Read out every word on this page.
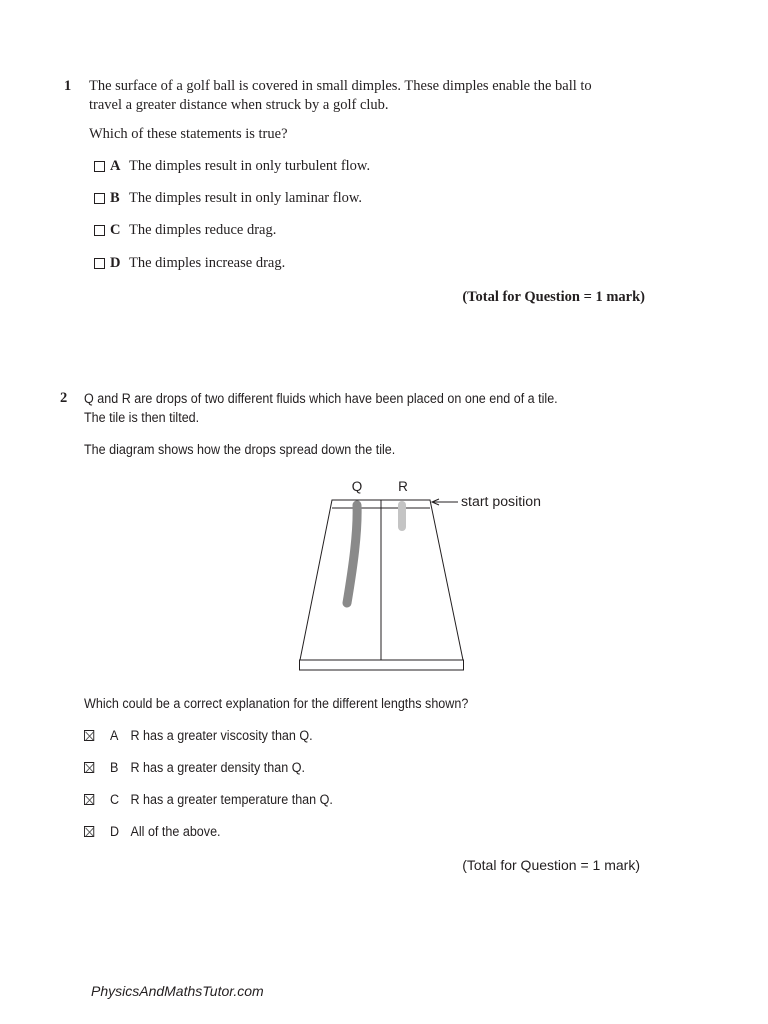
1 The surface of a golf ball is covered in small dimples. These dimples enable the ball to
travel a greater distance when struck by a golf club.
Which of these statements is true?
A The dimples result in only turbulent flow.
B The dimples result in only laminar flow.
C The dimples reduce drag.
D The dimples increase drag.
(Total for Question = 1 mark)
2 Q and R are drops of two different fluids which have been placed on one end of a tile.
The tile is then tilted.
The diagram shows how the drops spread down the tile.
Q	R
start position
Which could be a correct explanation for the different lengths shown?
A R has a greater viscosity than Q.
B R has a greater density than Q.
C R has a greater temperature than Q.
D All of the above.
(Total for Question = 1 mark)
PhysicsAndMathsTutor.com
